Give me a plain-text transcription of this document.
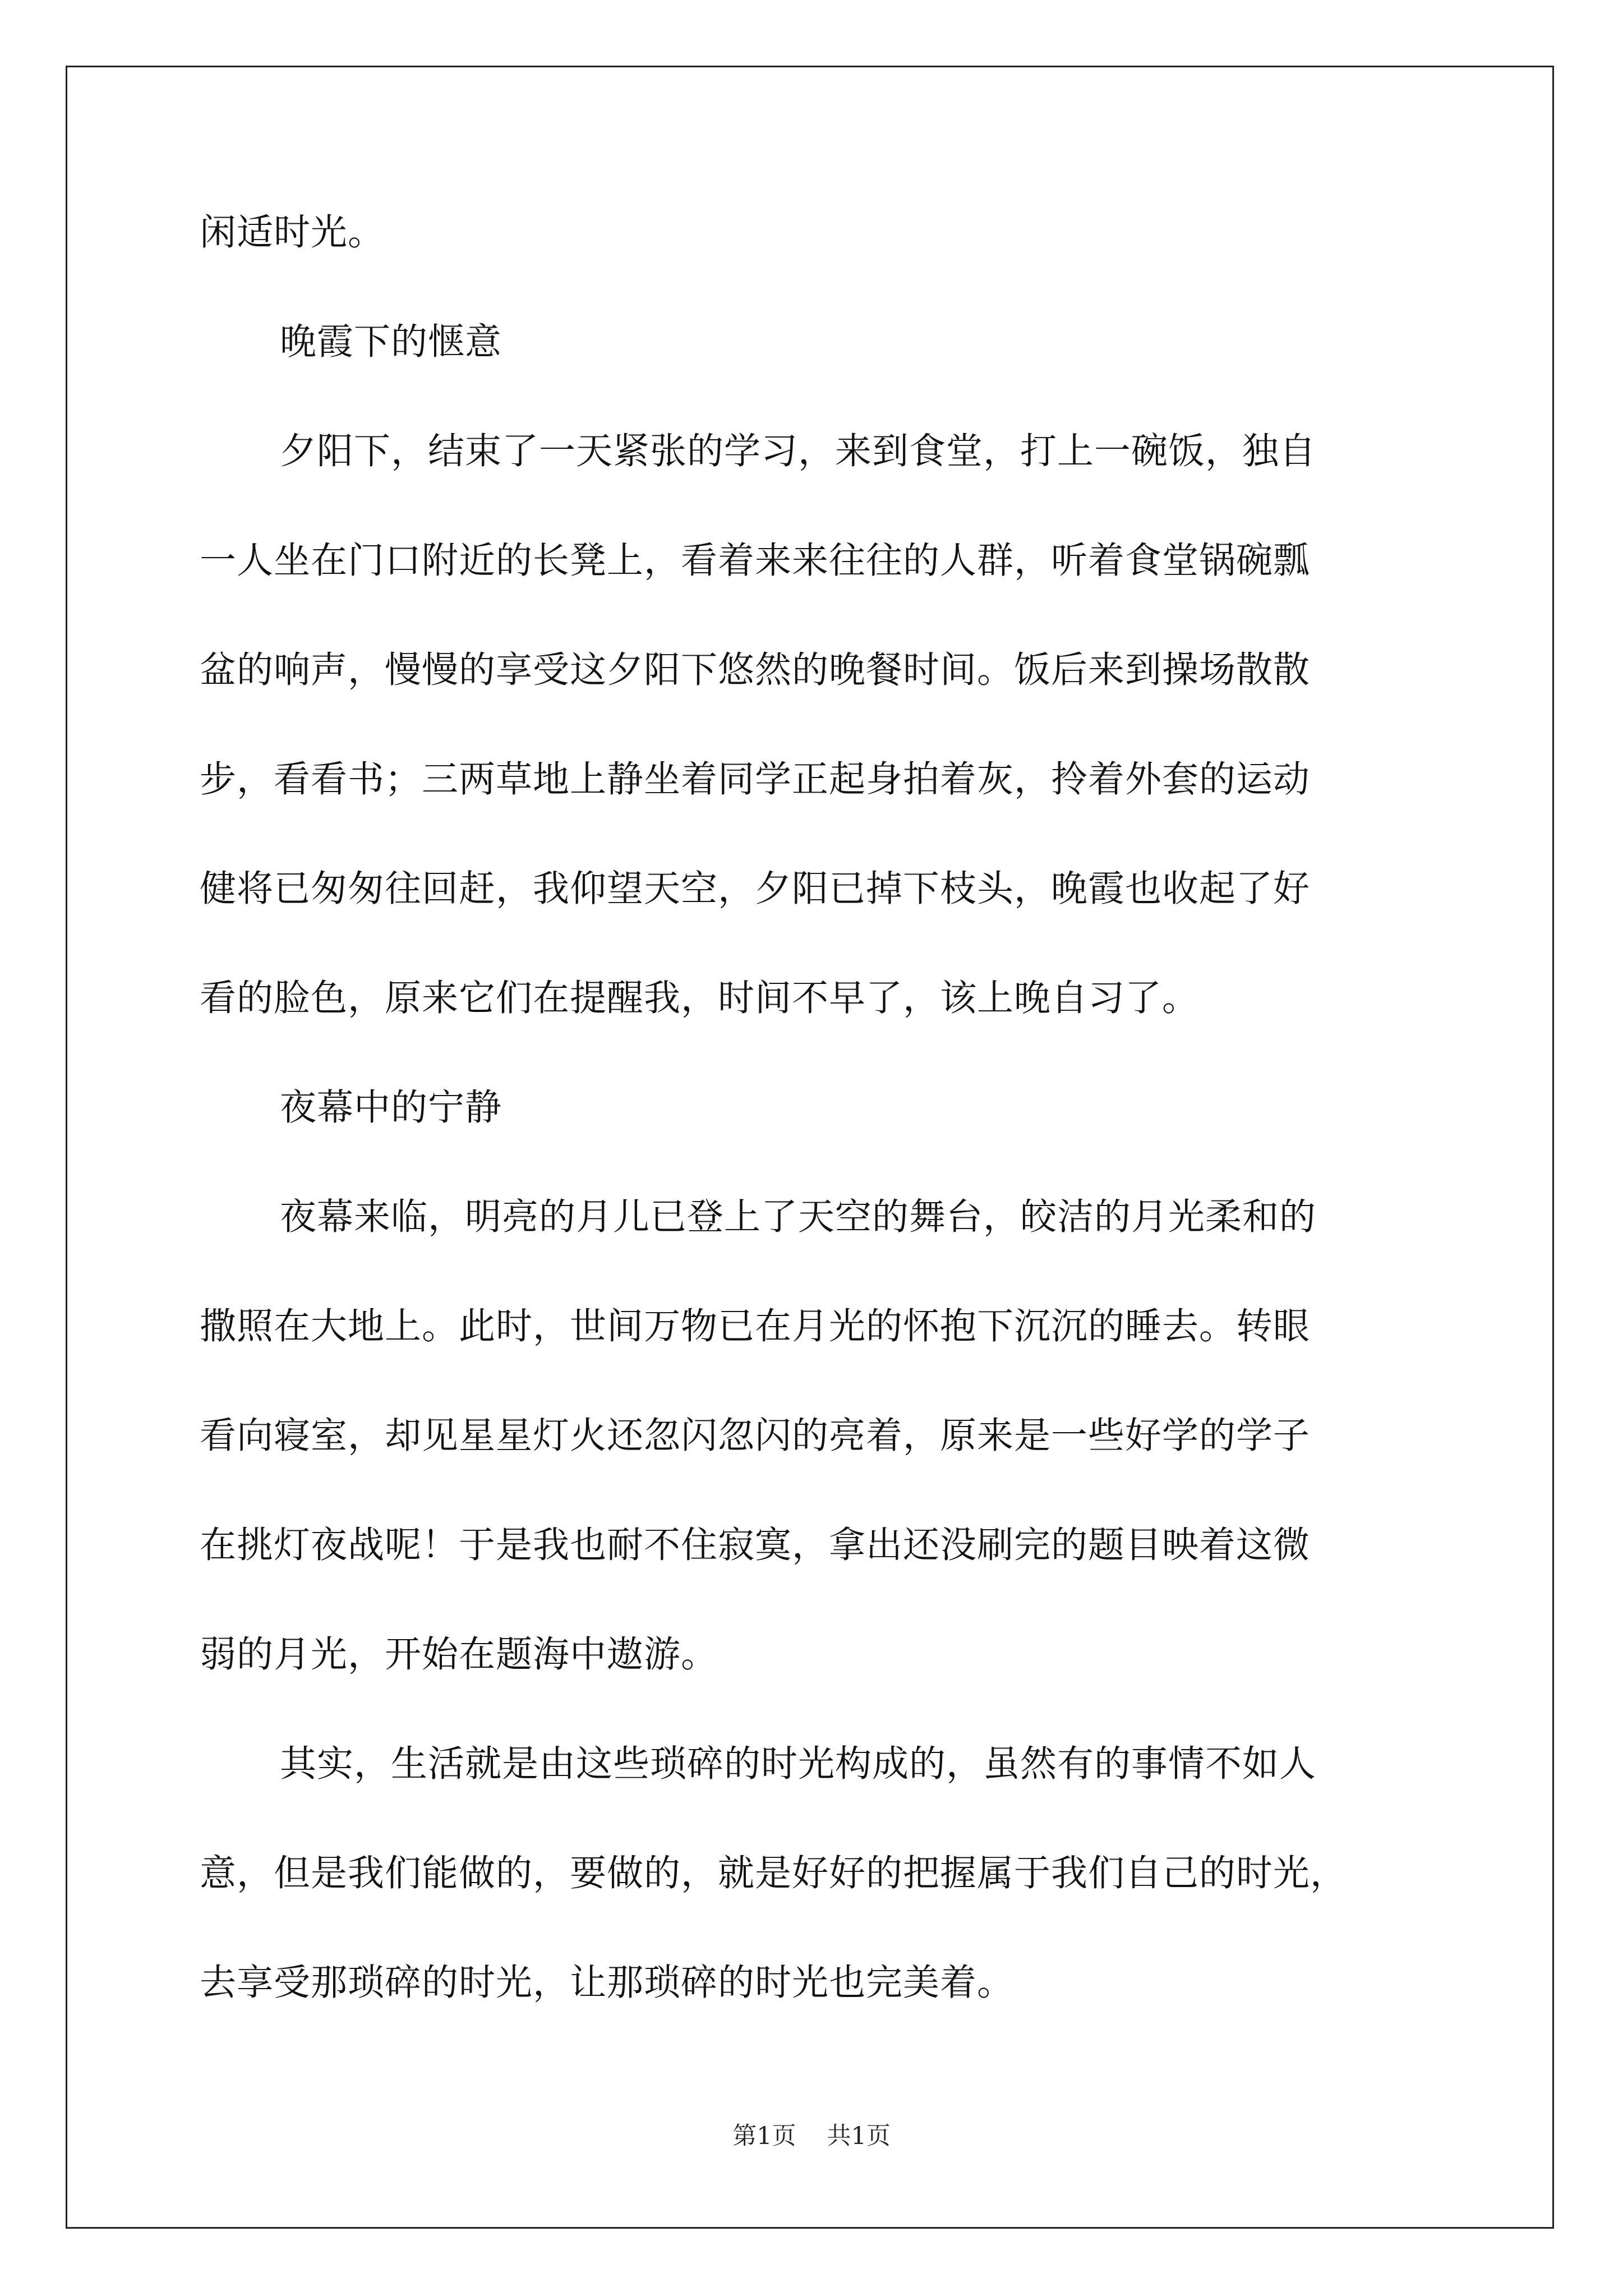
闲适时光。
晚霞下的惬意
夕阳下，结束了一天紧张的学习，来到食堂，打上一碗饭，独自
一人坐在门口附近的长凳上，看着来来往往的人群，听着食堂锅碗瓢
盆的响声，慢慢的享受这夕阳下悠然的晚餐时间。饭后来到操场散散
步，看看书；三两草地上静坐着同学正起身拍着灰，拎着外套的运动
健将已匆匆往回赶，我仰望天空，夕阳已掉下枝头，晚霞也收起了好
看的脸色，原来它们在提醒我，时间不早了，该上晚自习了。
夜幕中的宁静
夜幕来临，明亮的月儿已登上了天空的舞台，皎洁的月光柔和的
撒照在大地上。此时，世间万物已在月光的怀抱下沉沉的睡去。转眼
看向寝室，却见星星灯火还忽闪忽闪的亮着，原来是一些好学的学子
在挑灯夜战呢！于是我也耐不住寂寞，拿出还没刷完的题目映着这微
弱的月光，开始在题海中遨游。
其实，生活就是由这些琐碎的时光构成的，虽然有的事情不如人
意，但是我们能做的，要做的，就是好好的把握属于我们自己的时光，
去享受那琐碎的时光，让那琐碎的时光也完美着。
第1页 共1页
